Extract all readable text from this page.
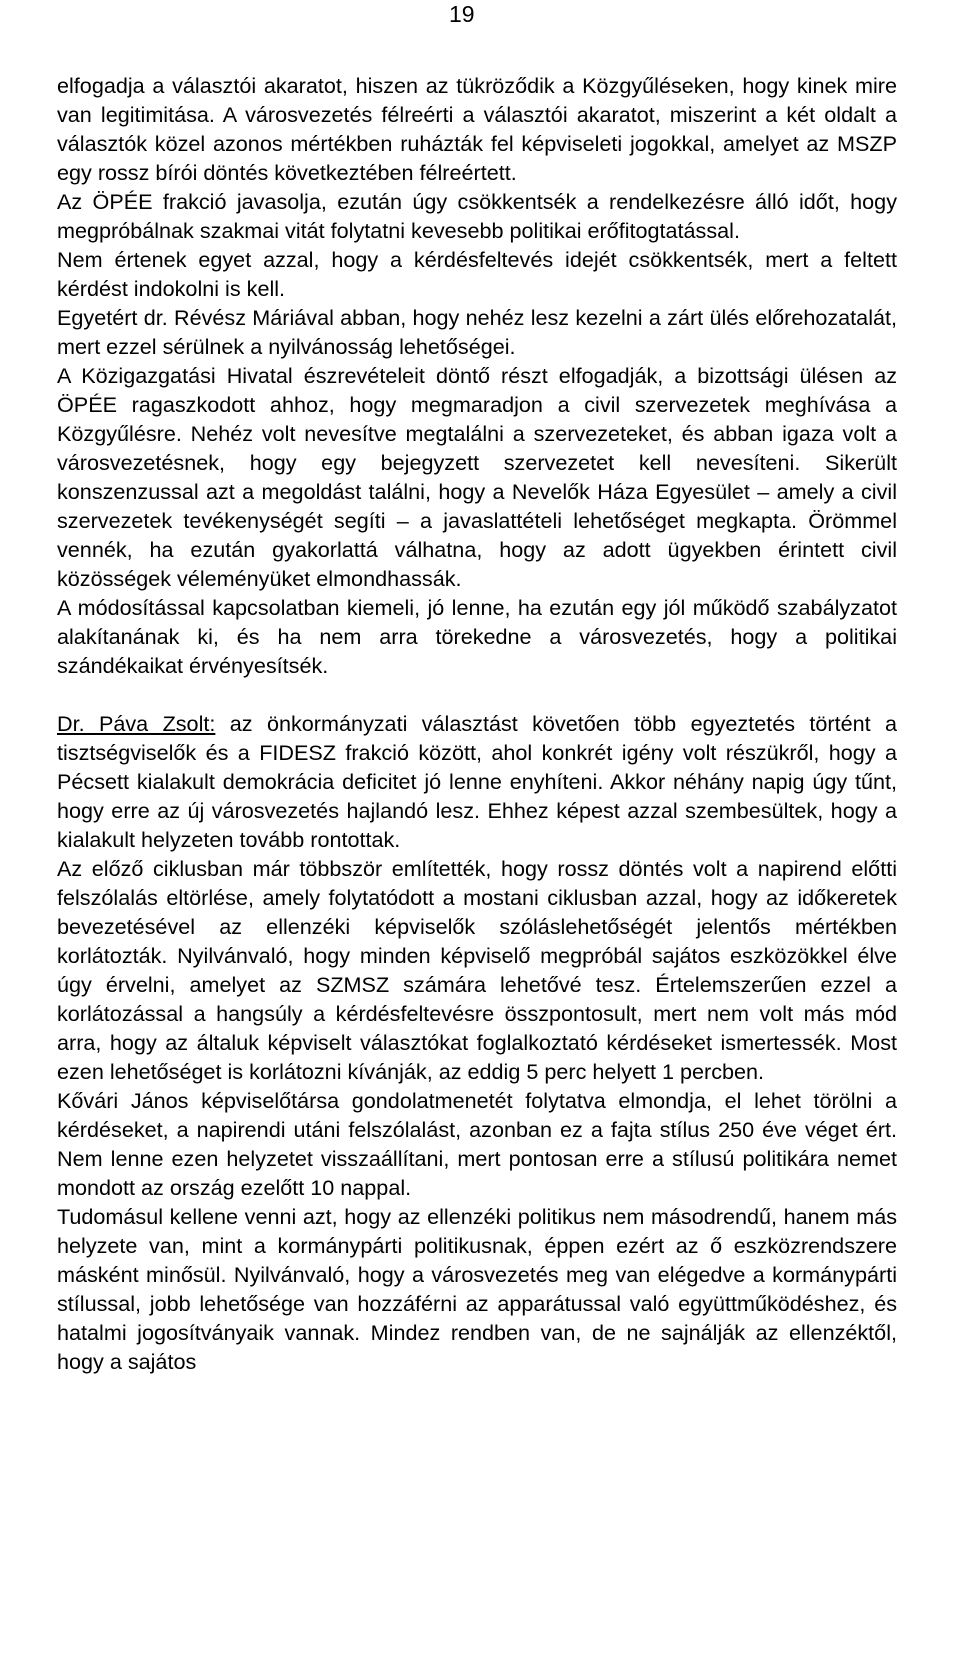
19

elfogadja a választói akaratot, hiszen az tükröződik a Közgyűléseken, hogy kinek mire van legitimitása. A városvezetés félreérti a választói akaratot, miszerint a két oldalt a választók közel azonos mértékben ruházták fel képviseleti jogokkal, amelyet az MSZP egy rossz bírói döntés következtében félreértett.

Az ÖPÉE frakció javasolja, ezután úgy csökkentsék a rendelkezésre álló időt, hogy megpróbálnak szakmai vitát folytatni kevesebb politikai erőfitogtatással.

Nem értenek egyet azzal, hogy a kérdésfeltevés idejét csökkentsék, mert a feltett kérdést indokolni is kell.

Egyetért dr. Révész Máriával abban, hogy nehéz lesz kezelni a zárt ülés előrehozatalát, mert ezzel sérülnek a nyilvánosság lehetőségei.

A Közigazgatási Hivatal észrevételeit döntő részt elfogadják, a bizottsági ülésen az ÖPÉE ragaszkodott ahhoz, hogy megmaradjon a civil szervezetek meghívása a Közgyűlésre. Nehéz volt nevesítve megtalálni a szervezeteket, és abban igaza volt a városvezetésnek, hogy egy bejegyzett szervezetet kell nevesíteni. Sikerült konszenzussal azt a megoldást találni, hogy a Nevelők Háza Egyesület – amely a civil szervezetek tevékenységét segíti – a javaslattételi lehetőséget megkapta. Örömmel vennék, ha ezután gyakorlattá válhatna, hogy az adott ügyekben érintett civil közösségek véleményüket elmondhassák.

A módosítással kapcsolatban kiemeli, jó lenne, ha ezután egy jól működő szabályzatot alakítanának ki, és ha nem arra törekedne a városvezetés, hogy a politikai szándékaikat érvényesítsék.

Dr. Páva Zsolt: az önkormányzati választást követően több egyeztetés történt a tisztségviselők és a FIDESZ frakció között, ahol konkrét igény volt részükről, hogy a Pécsett kialakult demokrácia deficitet jó lenne enyhíteni. Akkor néhány napig úgy tűnt, hogy erre az új városvezetés hajlandó lesz. Ehhez képest azzal szembesültek, hogy a kialakult helyzeten tovább rontottak.

Az előző ciklusban már többször említették, hogy rossz döntés volt a napirend előtti felszólalás eltörlése, amely folytatódott a mostani ciklusban azzal, hogy az időkeretek bevezetésével az ellenzéki képviselők szóláslehetőségét jelentős mértékben korlátozták. Nyilvánvaló, hogy minden képviselő megpróbál sajátos eszközökkel élve úgy érvelni, amelyet az SZMSZ számára lehetővé tesz. Értelemszerűen ezzel a korlátozással a hangsúly a kérdésfeltevésre összpontosult, mert nem volt más mód arra, hogy az általuk képviselt választókat foglalkoztató kérdéseket ismertessék. Most ezen lehetőséget is korlátozni kívánják, az eddig 5 perc helyett 1 percben.

Kővári János képviselőtársa gondolatmenetét folytatva elmondja, el lehet törölni a kérdéseket, a napirendi utáni felszólalást, azonban ez a fajta stílus 250 éve véget ért. Nem lenne ezen helyzetet visszaállítani, mert pontosan erre a stílusú politikára nemet mondott az ország ezelőtt 10 nappal.

Tudomásul kellene venni azt, hogy az ellenzéki politikus nem másodrendű, hanem más helyzete van, mint a kormánypárti politikusnak, éppen ezért az ő eszközrendszere másként minősül. Nyilvánvaló, hogy a városvezetés meg van elégedve a kormánypárti stílussal, jobb lehetősége van hozzáférni az apparátussal való együttműködéshez, és hatalmi jogosítványaik vannak. Mindez rendben van, de ne sajnálják az ellenzéktől, hogy a sajátos
